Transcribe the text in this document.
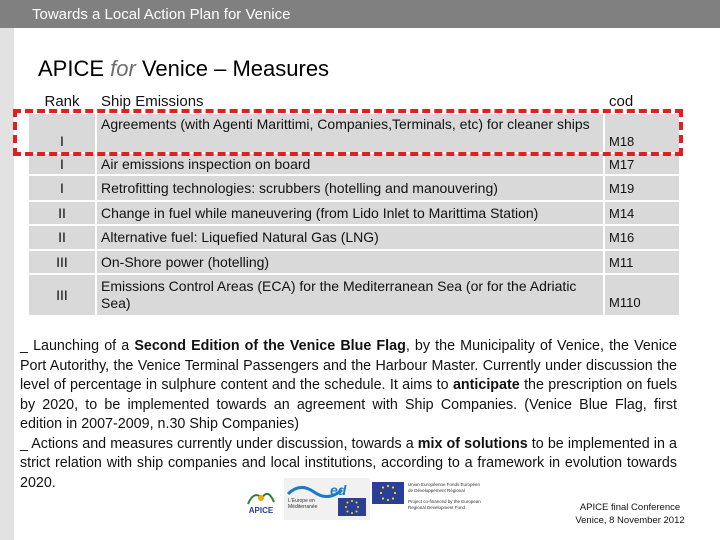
Towards a Local Action Plan for Venice
APICE for Venice – Measures
Rank	Ship Emissions	cod
I	Agreements (with Agenti Marittimi, Companies,Terminals, etc) for cleaner ships	M18
I	Air emissions inspection on board	M17
I	Retrofitting technologies: scrubbers (hotelling and manouvering)	M19
II	Change in fuel while maneuvering (from Lido Inlet to Marittima Station)	M14
II	Alternative fuel: Liquefied Natural Gas (LNG)	M16
III	On-Shore power (hotelling)	M11
III	Emissions Control Areas (ECA) for the Mediterranean Sea (or for the Adriatic Sea)	M110

_ Launching of a Second Edition of the Venice Blue Flag, by the Municipality of Venice, the Venice Port Autorithy, the Venice Terminal Passengers and the Harbour Master. Currently under discussion the level of percentage in sulphure content and the schedule. It aims to anticipate the prescription on fuels by 2020, to be implemented towards an agreement with Ship Companies. (Venice Blue Flag, first edition in 2007-2009, n.30 Ship Companies)

_ Actions and measures currently under discussion, towards a mix of solutions to be implemented in a strict relation with ship companies and local institutions, according to a framework in evolution towards 2020.

APICE
ed
L'Europe en Méditerranée
Union Européenne Fonds Européen de Développement Régional
Project co-financed by the European Regional Development Fund	APICE final Conference
Venice, 8 November 2012
